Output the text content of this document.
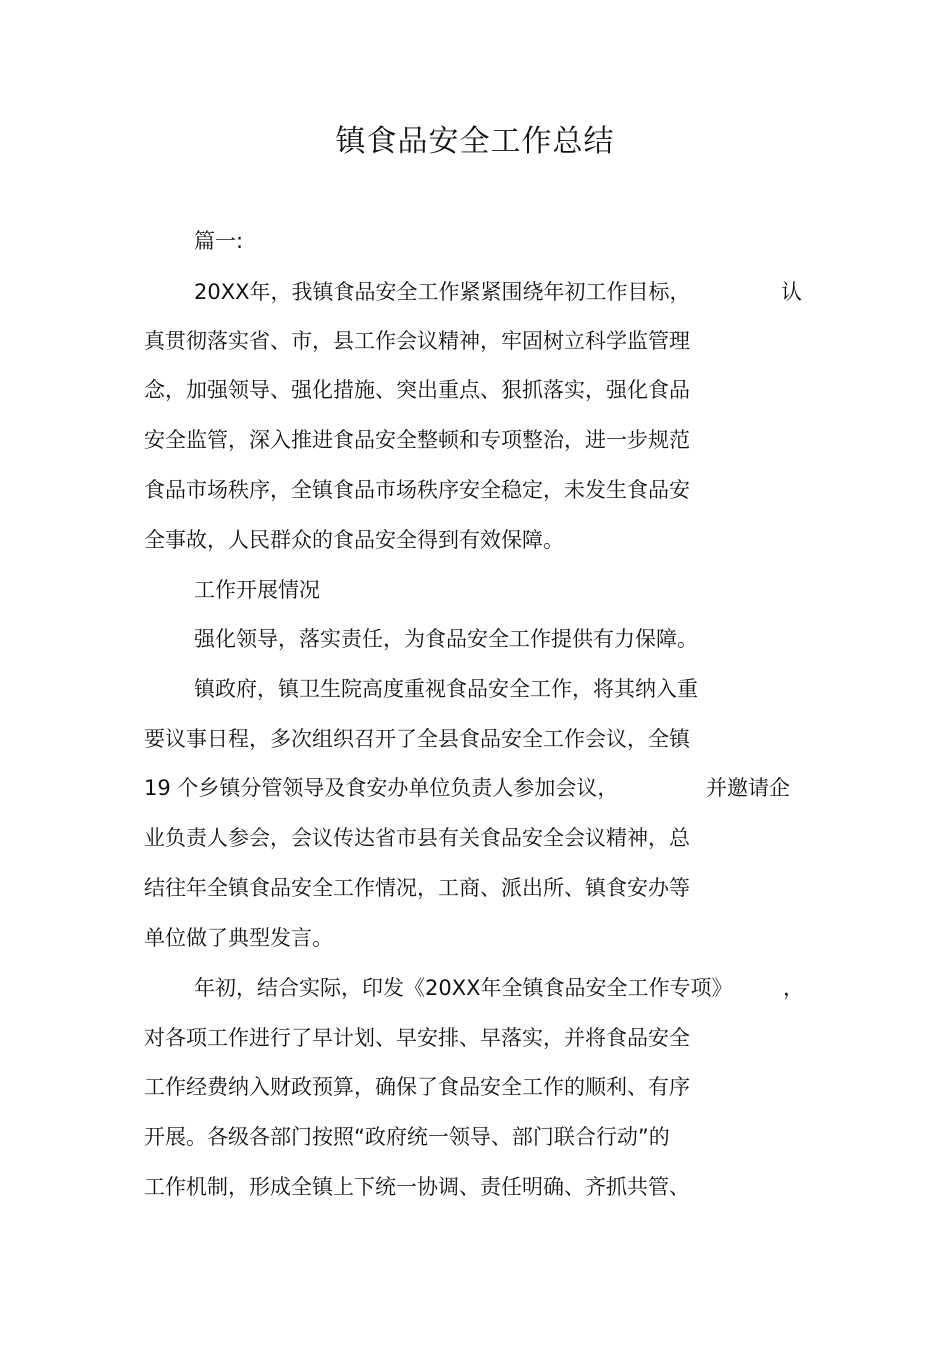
镇食品安全工作总结

篇一:

20XX年，我镇食品安全工作紧紧围绕年初工作目标，	认

真贯彻落实省、市，县工作会议精神，牢固树立科学监管理

念，加强领导、强化措施、突出重点、狠抓落实，强化食品

安全监管，深入推进食品安全整顿和专项整治，进一步规范

食品市场秩序，全镇食品市场秩序安全稳定，未发生食品安

全事故，人民群众的食品安全得到有效保障。

工作开展情况

强化领导，落实责任，为食品安全工作提供有力保障。

镇政府，镇卫生院高度重视食品安全工作，将其纳入重

要议事日程，多次组织召开了全县食品安全工作会议，全镇

19 个乡镇分管领导及食安办单位负责人参加会议，	并邀请企

业负责人参会，会议传达省市县有关食品安全会议精神，总

结往年全镇食品安全工作情况，工商、派出所、镇食安办等

单位做了典型发言。

年初，结合实际，印发《20XX年全镇食品安全工作专项》 ，

对各项工作进行了早计划、早安排、早落实，并将食品安全

工作经费纳入财政预算，确保了食品安全工作的顺利、有序

开展。各级各部门按照“政府统一领导、部门联合行动”的

工作机制，形成全镇上下统一协调、责任明确、齐抓共管、
